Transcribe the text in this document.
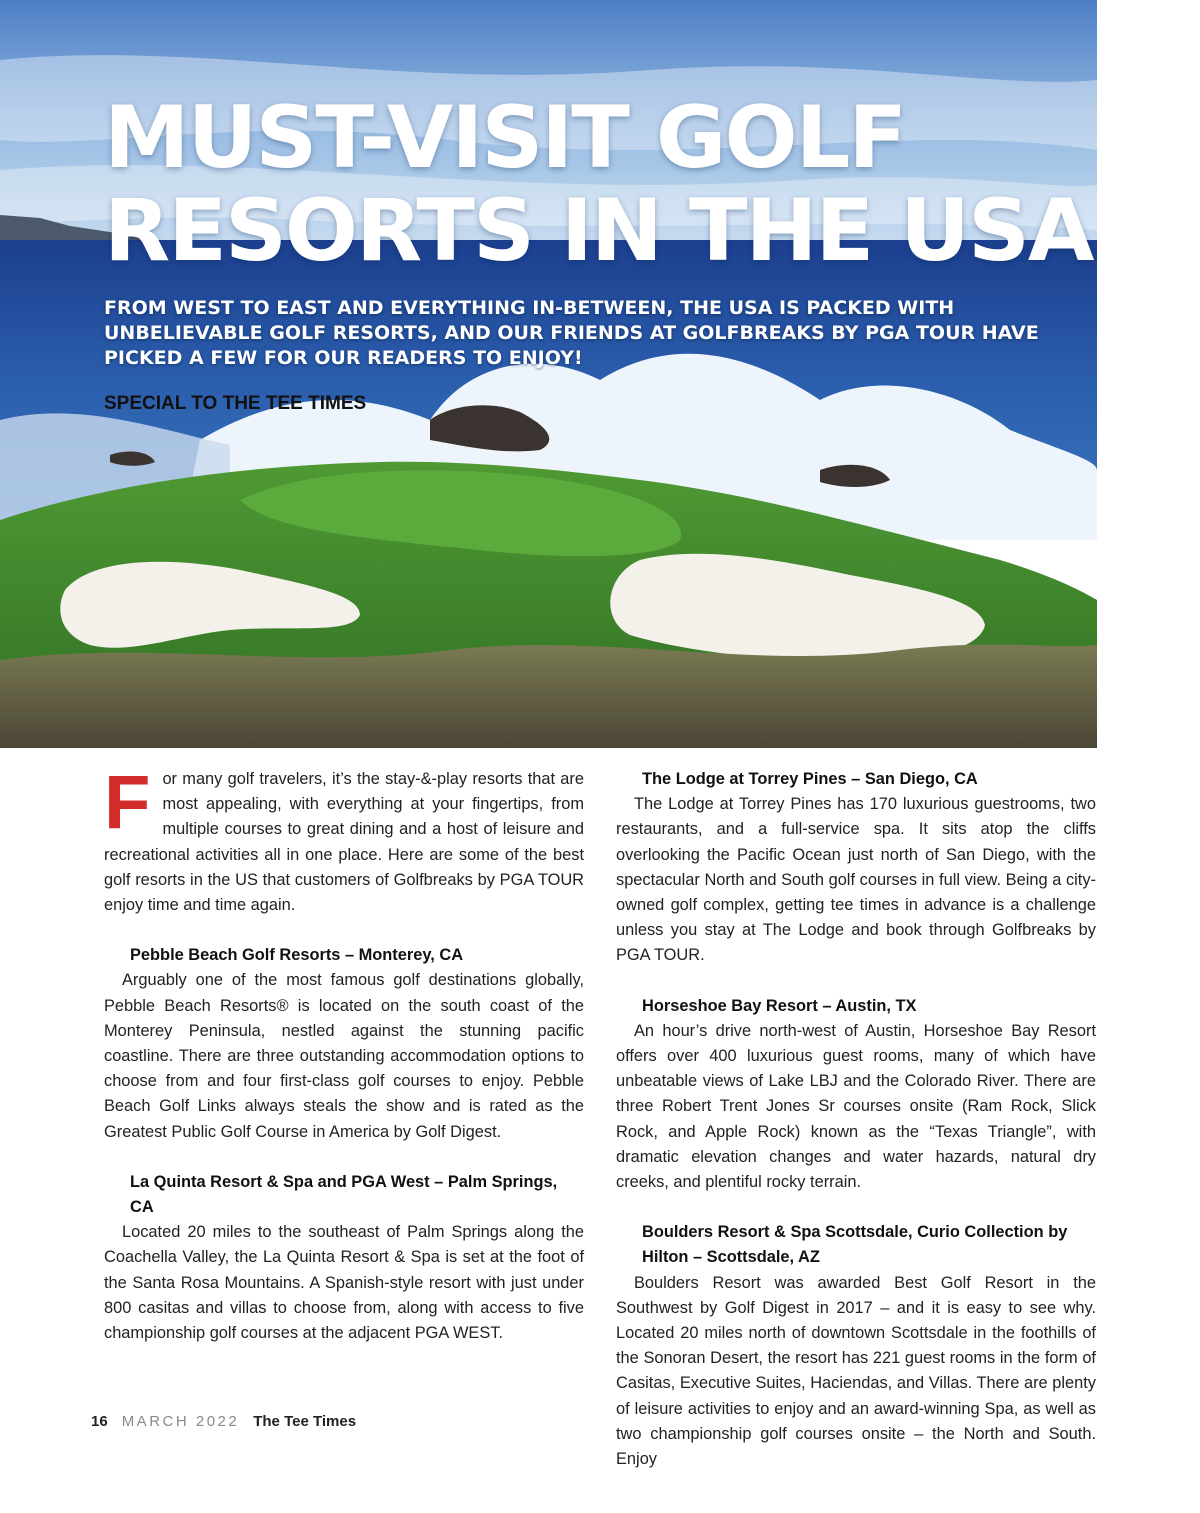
MUST-VISIT GOLF
RESORTS IN THE USA

FROM WEST TO EAST AND EVERYTHING IN-BETWEEN, THE USA IS PACKED WITH UNBELIEVABLE GOLF RESORTS, AND OUR FRIENDS AT GOLFBREAKS BY PGA TOUR HAVE PICKED A FEW FOR OUR READERS TO ENJOY!

SPECIAL TO THE TEE TIMES

For many golf travelers, it’s the stay-&-play resorts that are most appealing, with everything at your fingertips, from multiple courses to great dining and a host of leisure and recreational activities all in one place. Here are some of the best golf resorts in the US that customers of Golfbreaks by PGA TOUR enjoy time and time again.

Pebble Beach Golf Resorts – Monterey, CA

Arguably one of the most famous golf destinations globally, Pebble Beach Resorts® is located on the south coast of the Monterey Peninsula, nestled against the stunning pacific coastline. There are three outstanding accommodation options to choose from and four first-class golf courses to enjoy. Pebble Beach Golf Links always steals the show and is rated as the Greatest Public Golf Course in America by Golf Digest.

La Quinta Resort & Spa and PGA West – Palm Springs, CA

Located 20 miles to the southeast of Palm Springs along the Coachella Valley, the La Quinta Resort & Spa is set at the foot of the Santa Rosa Mountains. A Spanish-style resort with just under 800 casitas and villas to choose from, along with access to five championship golf courses at the adjacent PGA WEST.

The Lodge at Torrey Pines – San Diego, CA

The Lodge at Torrey Pines has 170 luxurious guestrooms, two restaurants, and a full-service spa. It sits atop the cliffs overlooking the Pacific Ocean just north of San Diego, with the spectacular North and South golf courses in full view. Being a city-owned golf complex, getting tee times in advance is a challenge unless you stay at The Lodge and book through Golfbreaks by PGA TOUR.

Horseshoe Bay Resort – Austin, TX

An hour’s drive north-west of Austin, Horseshoe Bay Resort offers over 400 luxurious guest rooms, many of which have unbeatable views of Lake LBJ and the Colorado River. There are three Robert Trent Jones Sr courses onsite (Ram Rock, Slick Rock, and Apple Rock) known as the “Texas Triangle”, with dramatic elevation changes and water hazards, natural dry creeks, and plentiful rocky terrain.

Boulders Resort & Spa Scottsdale, Curio Collection by Hilton – Scottsdale, AZ

Boulders Resort was awarded Best Golf Resort in the Southwest by Golf Digest in 2017 – and it is easy to see why. Located 20 miles north of downtown Scottsdale in the foothills of the Sonoran Desert, the resort has 221 guest rooms in the form of Casitas, Executive Suites, Haciendas, and Villas. There are plenty of leisure activities to enjoy and an award-winning Spa, as well as two championship golf courses onsite – the North and South. Enjoy

16 MARCH 2022 The Tee Times
